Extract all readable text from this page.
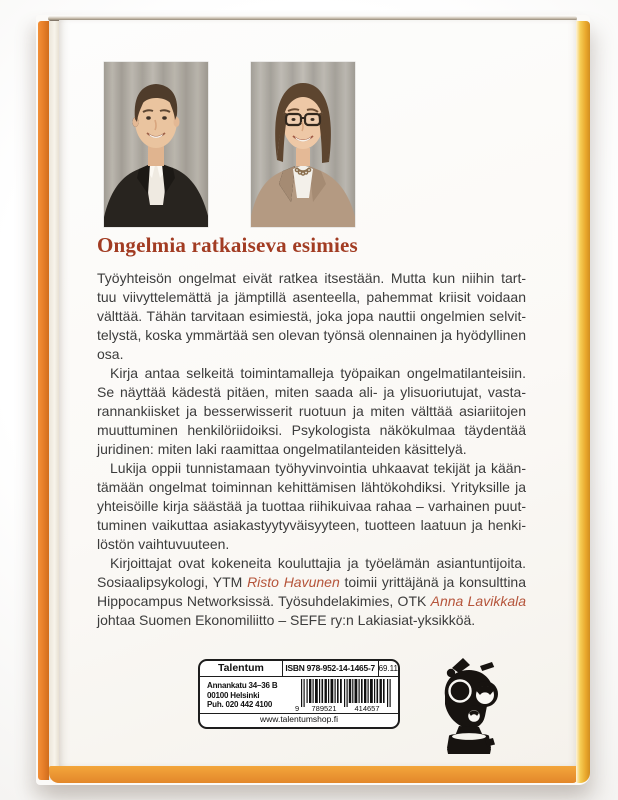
Ongelmia ratkaiseva esimies
Työyhteisön ongelmat eivät ratkea itsestään. Mutta kun niihin tart-
tuu viivyttelemättä ja jämptillä asenteella, pahemmat kriisit voidaan
välttää. Tähän tarvitaan esimiestä, joka jopa nauttii ongelmien selvit-
telystä, koska ymmärtää sen olevan työnsä olennainen ja hyödyllinen
osa.
Kirja antaa selkeitä toimintamalleja työpaikan ongelmatilanteisiin.
Se näyttää kädestä pitäen, miten saada ali- ja ylisuoriutujat, vasta-
rannankiisket ja besserwisserit ruotuun ja miten välttää asiariitojen
muuttuminen henkilöriidoiksi. Psykologista näkökulmaa täydentää
juridinen: miten laki raamittaa ongelmatilanteiden käsittelyä.
Lukija oppii tunnistamaan työhyvinvointia uhkaavat tekijät ja kään-
tämään ongelmat toiminnan kehittämisen lähtökohdiksi. Yrityksille ja
yhteisöille kirja säästää ja tuottaa riihikuivaa rahaa – varhainen puut-
tuminen vaikuttaa asiakastyytyväisyyteen, tuotteen laatuun ja henki-
löstön vaihtuvuuteen.
Kirjoittajat ovat kokeneita kouluttajia ja työelämän asiantuntijoita.
Sosiaalipsykologi, YTM Risto Havunen toimii yrittäjänä ja konsulttina
Hippocampus Networksissä. Työsuhdelakimies, OTK Anna Lavikkala
johtaa Suomen Ekonomiliitto – SEFE ry:n Lakiasiat-yksikköä.
Talentum	ISBN 978-952-14-1465-7 69.11
Annankatu 34–36 B
00100 Helsinki
Puh. 020 442 4100	9 789521 414657
www.talentumshop.fi
